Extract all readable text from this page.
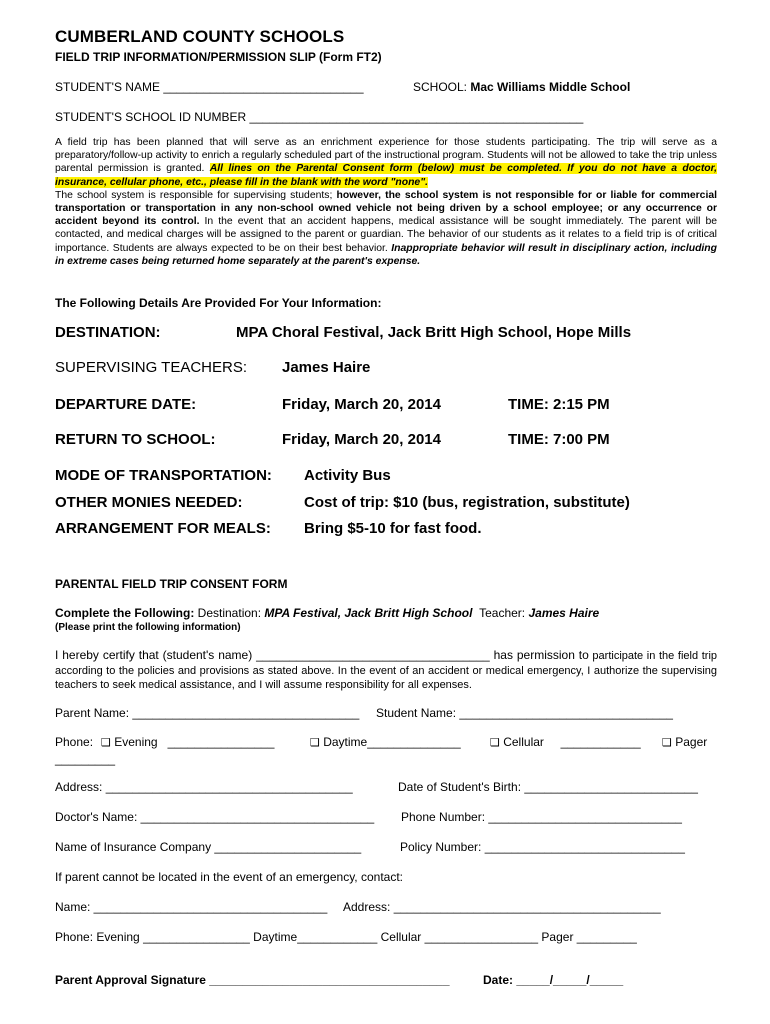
CUMBERLAND COUNTY SCHOOLS
FIELD TRIP INFORMATION/PERMISSION SLIP (Form FT2)
STUDENT'S NAME ______________________________	SCHOOL: Mac Williams Middle School
STUDENT'S SCHOOL ID NUMBER __________________________________________________
A field trip has been planned that will serve as an enrichment experience for those students participating. The trip will serve as a preparatory/follow-up activity to enrich a regularly scheduled part of the instructional program. Students will not be allowed to take the trip unless parental permission is granted. All lines on the Parental Consent form (below) must be completed. If you do not have a doctor, insurance, cellular phone, etc., please fill in the blank with the word "none".
The school system is responsible for supervising students; however, the school system is not responsible for or liable for commercial transportation or transportation in any non-school owned vehicle not being driven by a school employee; or any occurrence or accident beyond its control. In the event that an accident happens, medical assistance will be sought immediately. The parent will be contacted, and medical charges will be assigned to the parent or guardian. The behavior of our students as it relates to a field trip is of critical importance. Students are always expected to be on their best behavior. Inappropriate behavior will result in disciplinary action, including in extreme cases being returned home separately at the parent's expense.
The Following Details Are Provided For Your Information:
DESTINATION:	MPA Choral Festival, Jack Britt High School, Hope Mills
SUPERVISING TEACHERS: James Haire
DEPARTURE DATE:	Friday, March 20, 2014	TIME: 2:15 PM
RETURN TO SCHOOL:	Friday, March 20, 2014	TIME: 7:00 PM
MODE OF TRANSPORTATION: Activity Bus
OTHER MONIES NEEDED:	Cost of trip: $10 (bus, registration, substitute)
ARRANGEMENT FOR MEALS: Bring $5-10 for fast food.
PARENTAL FIELD TRIP CONSENT FORM
Complete the Following: Destination: MPA Festival, Jack Britt High School Teacher: James Haire
(Please print the following information)
I hereby certify that (student's name) ___________________________________ has permission to participate in the field trip according to the policies and provisions as stated above. In the event of an accident or medical emergency, I authorize the supervising teachers to seek medical assistance, and I will assume responsibility for all expenses.
Parent Name: __________________________________ Student Name: ________________________________
Phone: ❑ Evening ________________	❑ Daytime______________	❑ Cellular ____________ ❑ Pager
_________
Address: _____________________________________	Date of Student's Birth: __________________________
Doctor's Name: ___________________________________ Phone Number: _____________________________
Name of Insurance Company ______________________	Policy Number: ______________________________
If parent cannot be located in the event of an emergency, contact:
Name: ___________________________________ Address: ________________________________________
Phone: Evening ________________ Daytime____________ Cellular _________________ Pager _________
Parent Approval Signature ____________________________________	Date: _____/_____/_____
